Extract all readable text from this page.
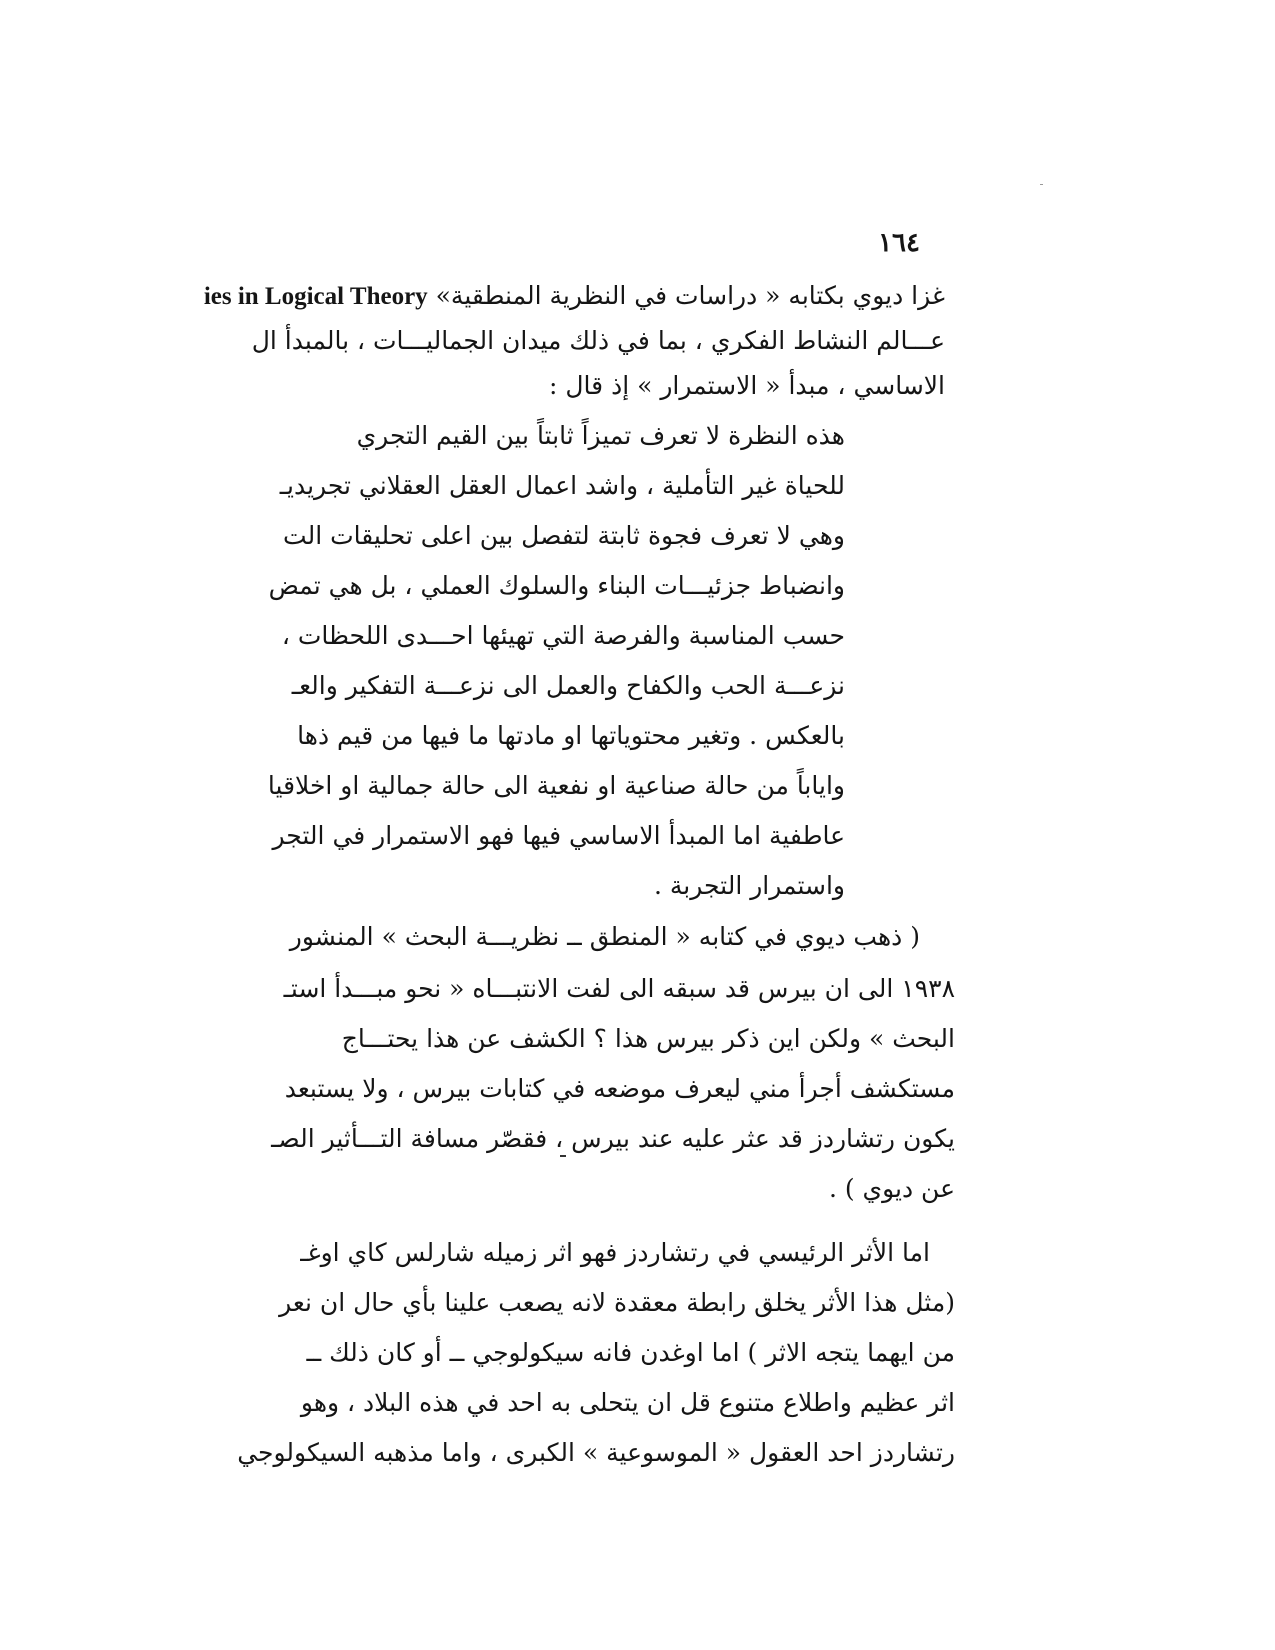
١٦٤
غزا ديوي بكتابه « دراسات في النظرية المنطقية» ies in Logical Theory
عـــالم النشاط الفكري ، بما في ذلك ميدان الجماليـــات ، بالمبدأ ال
الاساسي ، مبدأ « الاستمرار » إذ قال :
هذه النظرة لا تعرف تميزاً ثابتاً بين القيم التجري
للحياة غير التأملية ، واشد اعمال العقل العقلاني تجريديـ
وهي لا تعرف فجوة ثابتة لتفصل بين اعلى تحليقات الت
وانضباط جزئيـــات البناء والسلوك العملي ، بل هي تمض
حسب المناسبة والفرصة التي تهيئها احـــدى اللحظات ،
نزعـــة الحب والكفاح والعمل الى نزعـــة التفكير والعـ
بالعكس . وتغير محتوياتها او مادتها ما فيها من قيم ذها
واياباً من حالة صناعية او نفعية الى حالة جمالية او اخلاقيا
عاطفية اما المبدأ الاساسي فيها فهو الاستمرار في التجر
واستمرار التجربة .
( ذهب ديوي في كتابه « المنطق ــ نظريـــة البحث » المنشور
١٩٣٨ الى ان بيرس قد سبقه الى لفت الانتبـــاه « نحو مبـــدأ استـ
البحث » ولكن اين ذكر بيرس هذا ؟ الكشف عن هذا يحتـــاج
مستكشف أجرأ مني ليعرف موضعه في كتابات بيرس ، ولا يستبعد
يكون رتشاردز قد عثر عليه عند بيرس ، فقصّر مسافة التـــأثير الصـ
عن ديوي ) .
اما الأثر الرئيسي في رتشاردز فهو اثر زميله شارلس كاي اوغـ
(مثل هذا الأثر يخلق رابطة معقدة لانه يصعب علينا بأي حال ان نعر
من ايهما يتجه الاثر ) اما اوغدن فانه سيكولوجي ــ أو كان ذلك ــ
اثر عظيم واطلاع متنوع قل ان يتحلى به احد في هذه البلاد ، وهو
رتشاردز احد العقول « الموسوعية » الكبرى ، واما مذهبه السيكولوجي
